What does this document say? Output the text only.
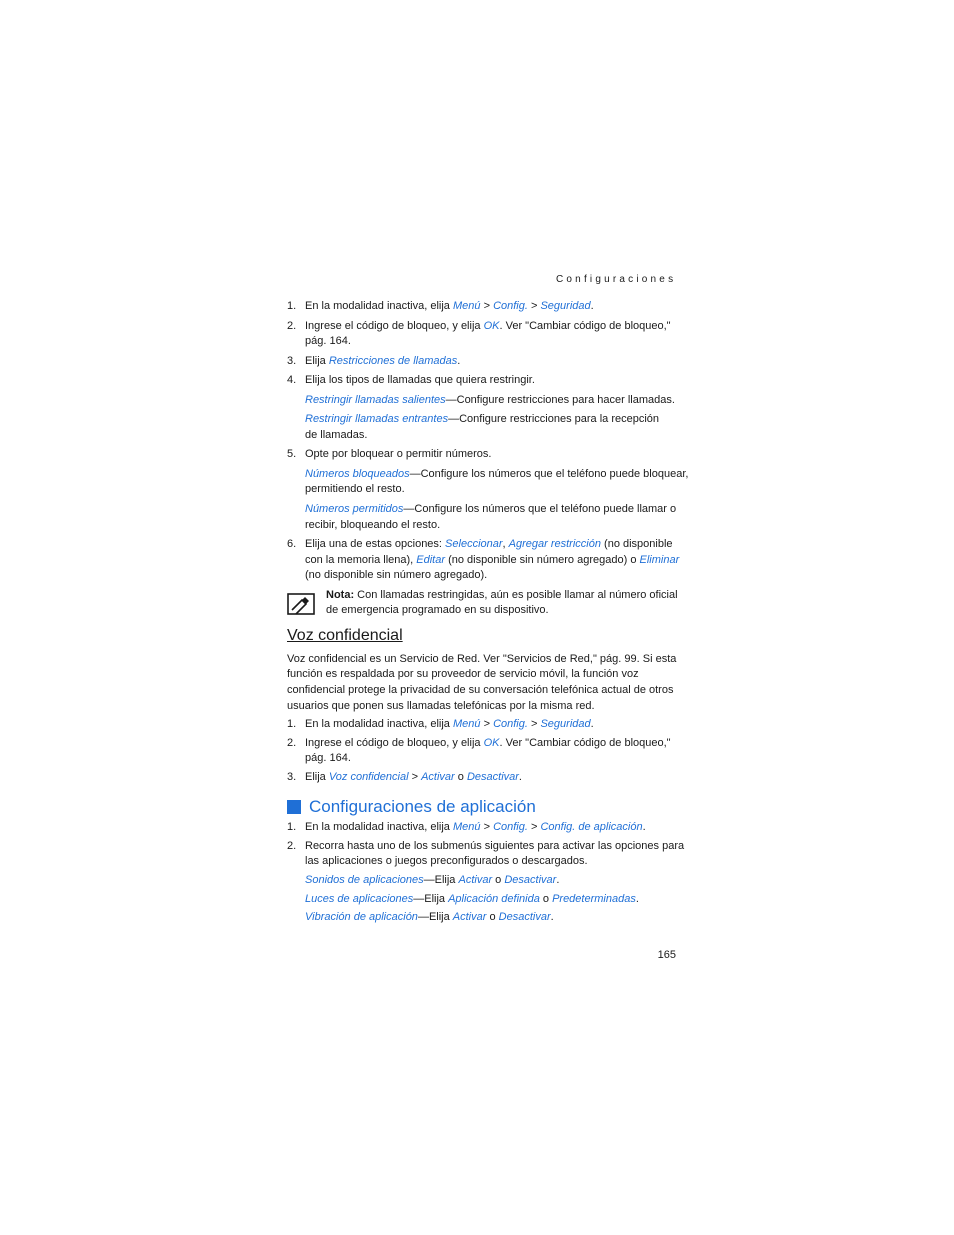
Configuraciones
1. En la modalidad inactiva, elija Menú > Config. > Seguridad.
2. Ingrese el código de bloqueo, y elija OK. Ver "Cambiar código de bloqueo,"
pág. 164.
3. Elija Restricciones de llamadas.
4. Elija los tipos de llamadas que quiera restringir.
Restringir llamadas salientes—Configure restricciones para hacer llamadas.
Restringir llamadas entrantes—Configure restricciones para la recepción
de llamadas.
5. Opte por bloquear o permitir números.
Números bloqueados—Configure los números que el teléfono puede bloquear,
permitiendo el resto.
Números permitidos—Configure los números que el teléfono puede llamar o
recibir, bloqueando el resto.
6. Elija una de estas opciones: Seleccionar, Agregar restricción (no disponible
con la memoria llena), Editar (no disponible sin número agregado) o Eliminar
(no disponible sin número agregado).
Nota: Con llamadas restringidas, aún es posible llamar al número oficial
de emergencia programado en su dispositivo.
Voz confidencial
Voz confidencial es un Servicio de Red. Ver "Servicios de Red," pág. 99. Si esta
función es respaldada por su proveedor de servicio móvil, la función voz
confidencial protege la privacidad de su conversación telefónica actual de otros
usuarios que ponen sus llamadas telefónicas por la misma red.
1. En la modalidad inactiva, elija Menú > Config. > Seguridad.
2. Ingrese el código de bloqueo, y elija OK. Ver "Cambiar código de bloqueo,"
pág. 164.
3. Elija Voz confidencial > Activar o Desactivar.
Configuraciones de aplicación
1. En la modalidad inactiva, elija Menú > Config. > Config. de aplicación.
2. Recorra hasta uno de los submenús siguientes para activar las opciones para
las aplicaciones o juegos preconfigurados o descargados.
Sonidos de aplicaciones—Elija Activar o Desactivar.
Luces de aplicaciones—Elija Aplicación definida o Predeterminadas.
Vibración de aplicación—Elija Activar o Desactivar.
165
